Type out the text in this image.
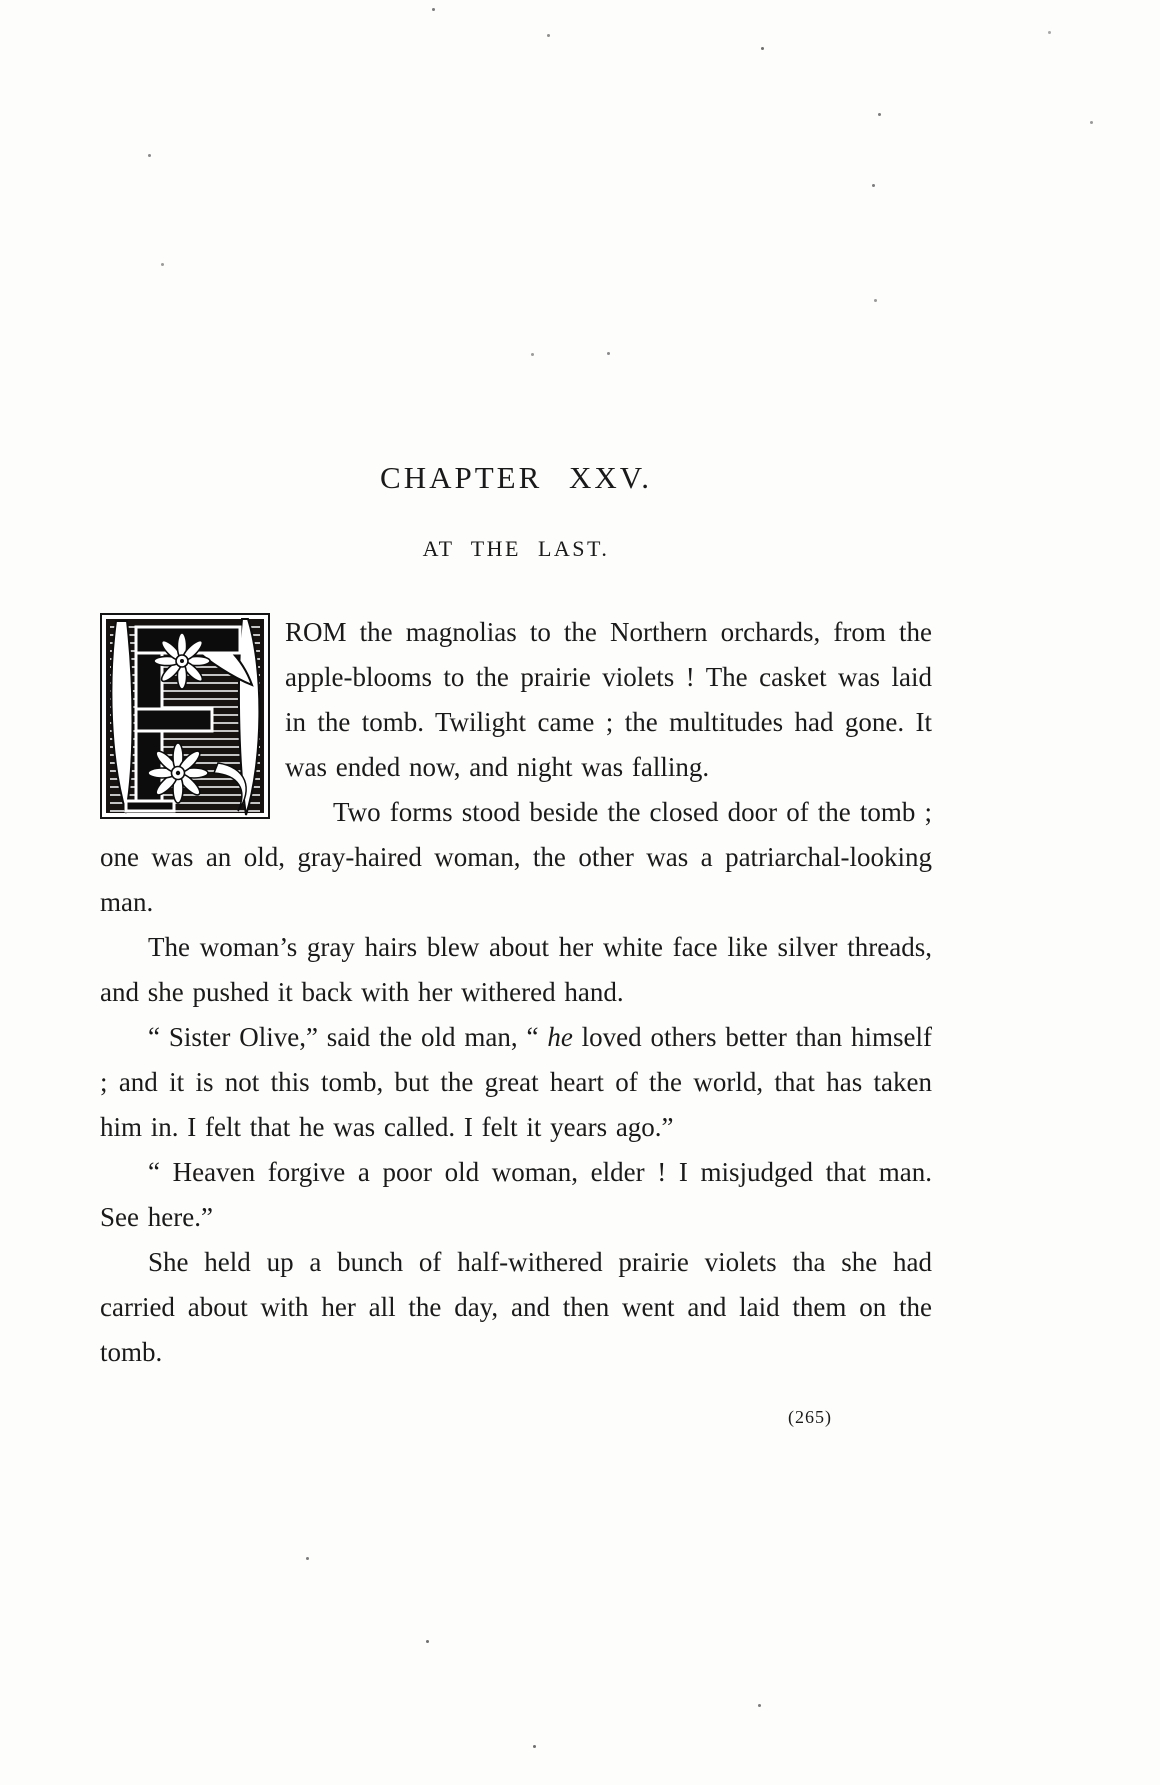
CHAPTER XXV.
AT THE LAST.

ROM the magnolias to the Northern orchards, from the apple-blooms to the prairie violets ! The casket was laid in the tomb. Twilight came ; the multitudes had gone. It was ended now, and night was falling.

Two forms stood beside the closed door of the tomb ; one was an old, gray-haired woman, the other was a patriarchal-looking man.

The woman’s gray hairs blew about her white face like silver threads, and she pushed it back with her withered hand.

“ Sister Olive,” said the old man, “ he loved others better than himself ; and it is not this tomb, but the great heart of the world, that has taken him in. I felt that he was called. I felt it years ago.”

“ Heaven forgive a poor old woman, elder ! I misjudged that man. See here.”

She held up a bunch of half-withered prairie violets tha she had carried about with her all the day, and then went and laid them on the tomb.

(265)
